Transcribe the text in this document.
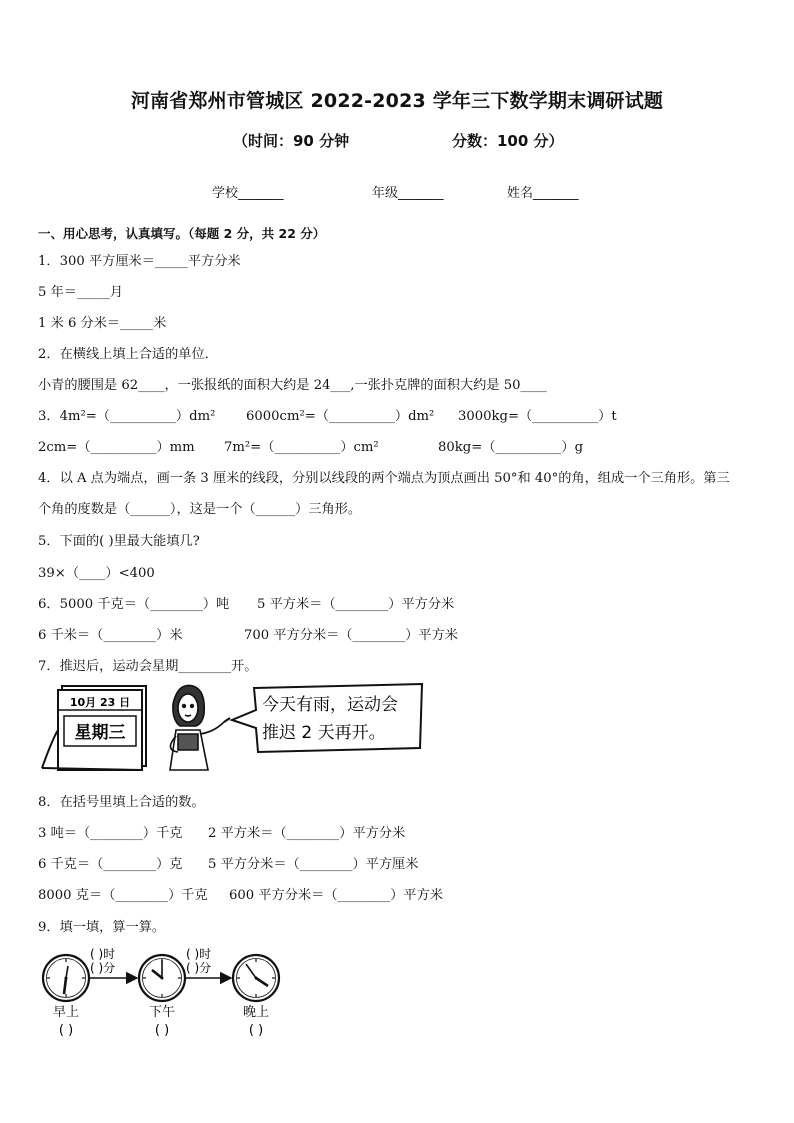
河南省郑州市管城区 2022-2023 学年三下数学期末调研试题
（时间：90 分钟	分数：100 分）
学校_______	年级_______	姓名_______
一、用心思考，认真填写。（每题 2 分，共 22 分）
1．300 平方厘米＝_____平方分米
5 年＝_____月
1 米 6 分米＝_____米
2．在横线上填上合适的单位．
小青的腰围是 62____，一张报纸的面积大约是 24___,一张扑克牌的面积大约是 50____
3．4m²=（__________）dm² 6000cm²=（__________）dm² 3000kg=（__________）t
2cm=（__________）mm 7m²=（__________）cm²	80kg=（__________）g
4．以 A 点为端点，画一条 3 厘米的线段，分别以线段的两个端点为顶点画出 50°和 40°的角，组成一个三角形。第三
个角的度数是（______），这是一个（______）三角形。
5．下面的( )里最大能填几?
39×（____）<400
6．5000 千克＝（________）吨 5 平方米＝（________）平方分米
6 千米＝（________）米	700 平方分米＝（________）平方米
7．推迟后，运动会星期________开。
10月 23 日
星期三
今天有雨，运动会
推迟 2 天再开。
8．在括号里填上合适的数。
3 吨＝（________）千克 2 平方米＝（________）平方分米
6 千克＝（________）克 5 平方分米＝（________）平方厘米
8000 克＝（________）千克 600 平方分米＝（________）平方米
9．填一填，算一算。
( )时
( )分
( )时
( )分
早上	下午	晚上
( )	( )	( )
